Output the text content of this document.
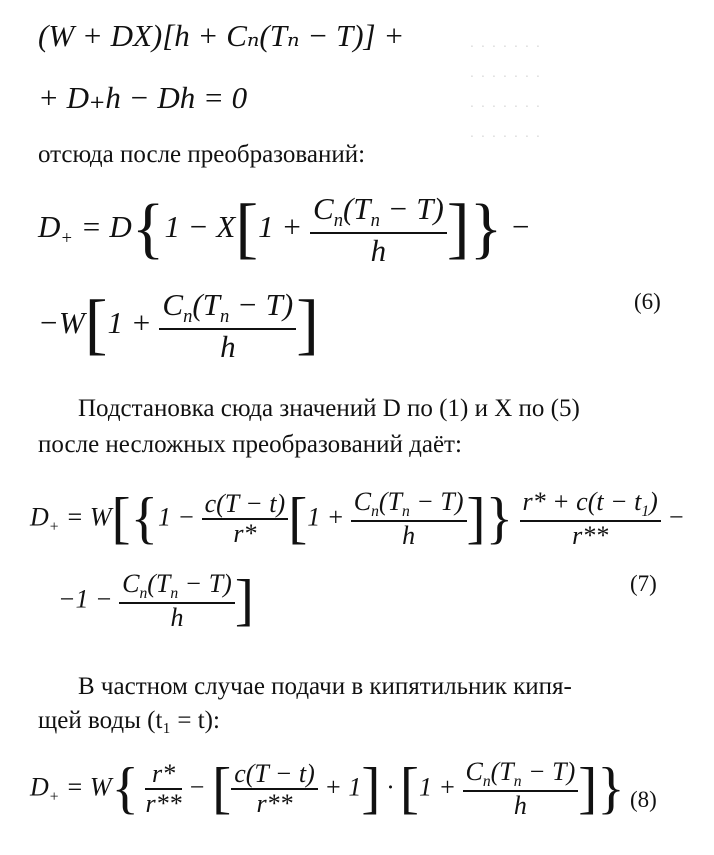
· · · · · · ·
· · · · · · ·
· · · · · · ·
· · · · · · ·
(W + DX)[h + Cₙ(Tₙ − T)] +
+ D₊h − Dh = 0
отсюда после преобразований:
$D_+ = D\{1 - X[1 + \frac{C_n(T_n - T)}{h}$ ]} −
$-W[1 + \frac{C_n(T_n - T)}{h}$ ]	(6)
Подстановка сюда значений D по (1) и X по (5)
после несложных преобразований даёт:
$D_+ = W[\{1 - \frac{c(T - t)}{r*} [1 + \frac{C_n(T_n - T)}{h}$ ]} $\frac{r* + c(t - t_1)}{r**}$ −
$-1 - \frac{C_n(T_n - T)}{h}$ ]	(7)
В частном случае подачи в кипятильник кипя-
щей воды (t₁ = t):
$D_+ = W\{ \frac{r*}{r**}$ − [ $\frac{c(T - t)}{r**} + 1] \cdot [1 + \frac{C_n(T_n - T)}{h}$ ]} (8)
